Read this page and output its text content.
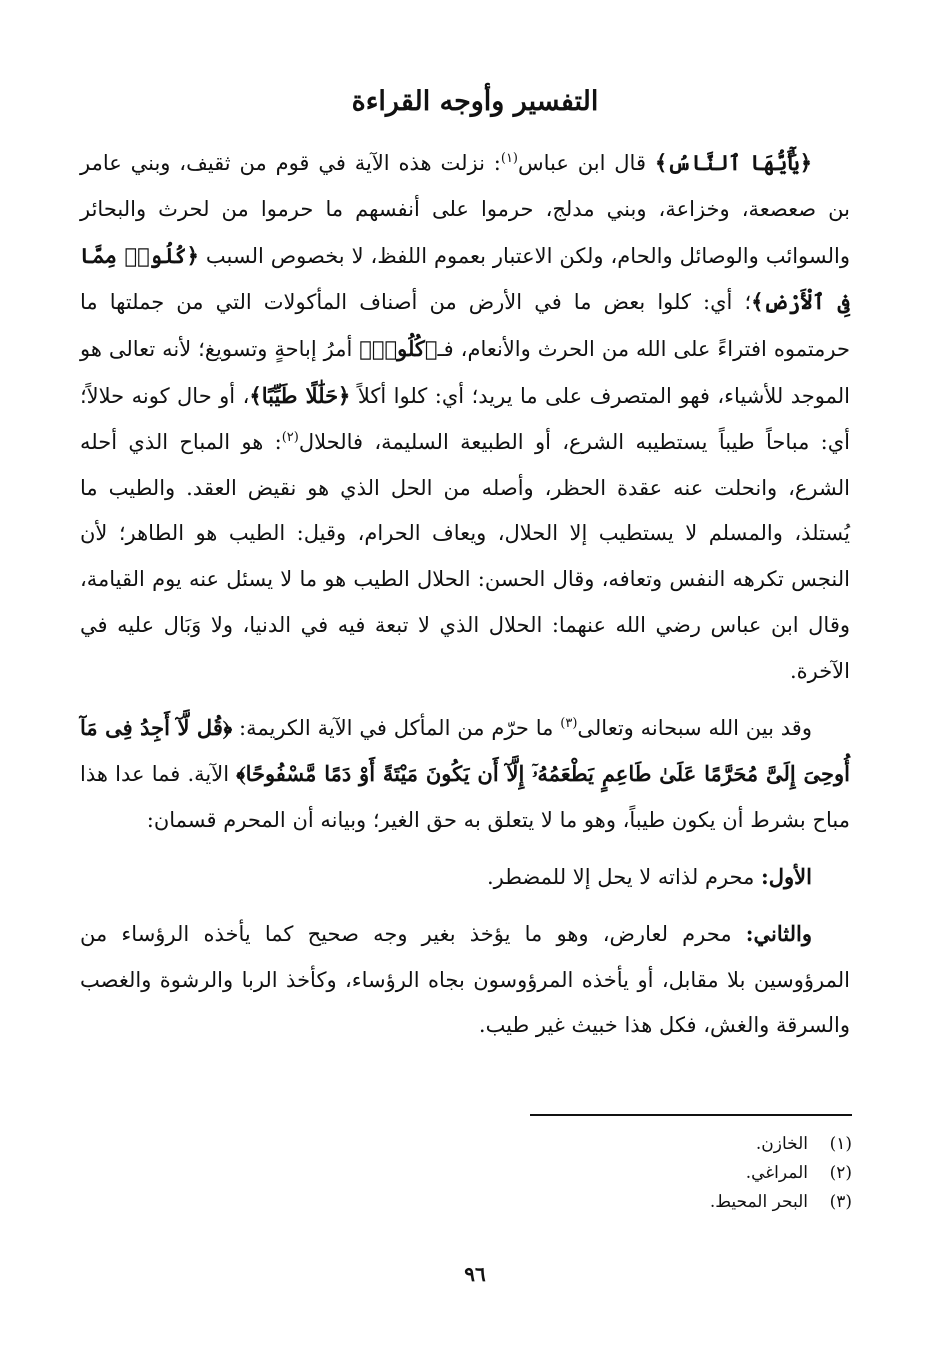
التفسير وأوجه القراءة

﴿يَٰٓأَيُّهَا ٱلنَّاسُ﴾ قال ابن عباس$^{(١)}$: نزلت هذه الآية في قوم من ثقيف، وبني عامر بن صعصعة، وخزاعة، وبني مدلج، حرموا على أنفسهم ما حرموا من لحرث والبحائر والسوائب والوصائل والحام، ولكن الاعتبار بعموم اللفظ، لا بخصوص السبب ﴿كُلُوا۟ مِمَّا فِى ٱلْأَرْضِ﴾؛ أي: كلوا بعض ما في الأرض من أصناف المأكولات التي من جملتها ما حرمتموه افتراءً على الله من الحرث والأنعام، فـ﴿كُلُوا۟﴾ أمرُ إباحةٍ وتسويغ؛ لأنه تعالى هو الموجد للأشياء، فهو المتصرف على ما يريد؛ أي: كلوا أكلاً ﴿حَلَٰلًا طَيِّبًا﴾، أو حال كونه حلالاً؛ أي: مباحاً طيباً يستطيبه الشرع، أو الطبيعة السليمة، فالحلال$^{(٢)}$: هو المباح الذي أحله الشرع، وانحلت عنه عقدة الحظر، وأصله من الحل الذي هو نقيض العقد. والطيب ما يُستلذ، والمسلم لا يستطيب إلا الحلال، ويعاف الحرام، وقيل: الطيب هو الطاهر؛ لأن النجس تكرهه النفس وتعافه، وقال الحسن: الحلال الطيب هو ما لا يسئل عنه يوم القيامة، وقال ابن عباس رضي الله عنهما: الحلال الذي لا تبعة فيه في الدنيا، ولا وَبَال عليه في الآخرة.

وقد بين الله سبحانه وتعالى$^{(٣)}$ ما حرّم من المأكل في الآية الكريمة: ﴿قُل لَّآ أَجِدُ فِى مَآ أُوحِىَ إِلَىَّ مُحَرَّمًا عَلَىٰ طَاعِمٍ يَطْعَمُهُۥٓ إِلَّآ أَن يَكُونَ مَيْتَةً أَوْ دَمًا مَّسْفُوحًا﴾ الآية. فما عدا هذا مباح بشرط أن يكون طيباً، وهو ما لا يتعلق به حق الغير؛ وبيانه أن المحرم قسمان:

الأول: محرم لذاته لا يحل إلا للمضطر.

والثاني: محرم لعارض، وهو ما يؤخذ بغير وجه صحيح كما يأخذه الرؤساء من المرؤوسين بلا مقابل، أو يأخذه المرؤوسون بجاه الرؤساء، وكأخذ الربا والرشوة والغصب والسرقة والغش، فكل هذا خبيث غير طيب.

(١)الخازن.
(٢)المراغي.
(٣)البحر المحيط.
٩٦
